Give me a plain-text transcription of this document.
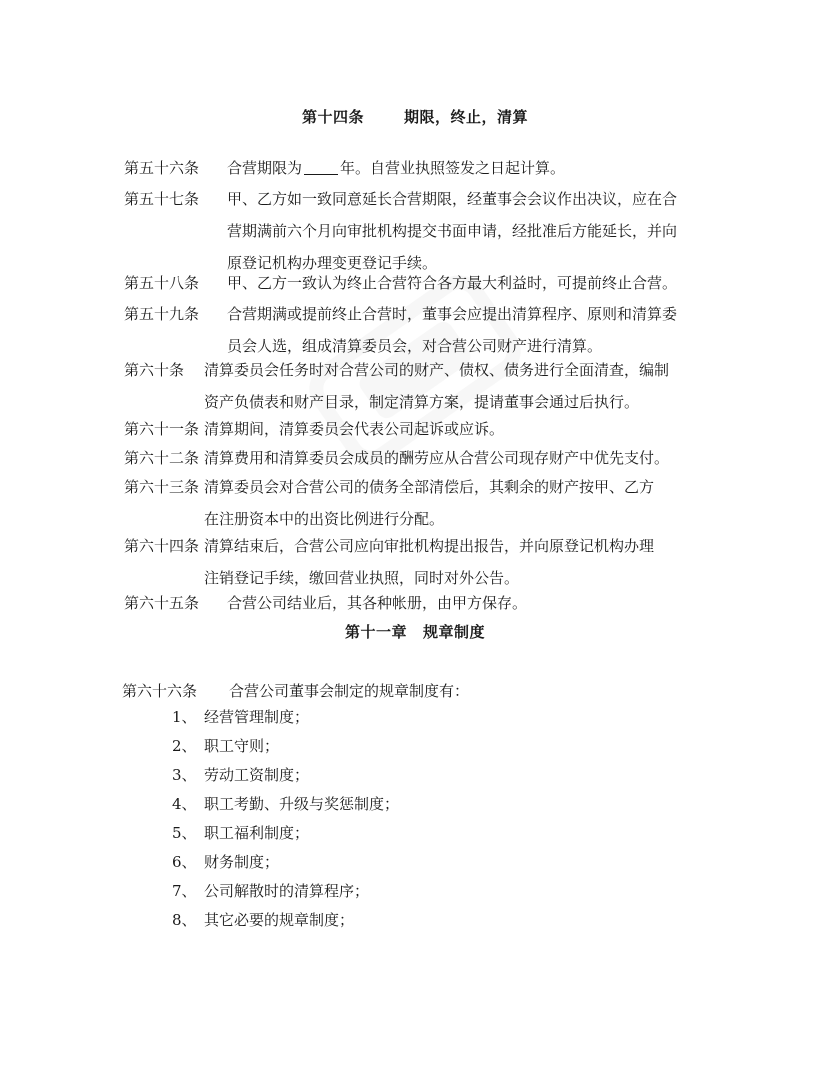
第十四条	期限，终止，清算
第五十六条 合营期限为	年。自营业执照签发之日起计算。
第五十七条 甲、乙方如一致同意延长合营期限，经董事会会议作出决议，应在合
营期满前六个月向审批机构提交书面申请，经批准后方能延长，并向
原登记机构办理变更登记手续。
第五十八条 甲、乙方一致认为终止合营符合各方最大利益时，可提前终止合营。
第五十九条 合营期满或提前终止合营时，董事会应提出清算程序、原则和清算委
员会人选，组成清算委员会，对合营公司财产进行清算。
第六十条 清算委员会任务时对合营公司的财产、债权、债务进行全面清查，编制
资产负债表和财产目录，制定清算方案，提请董事会通过后执行。
第六十一条 清算期间，清算委员会代表公司起诉或应诉。
第六十二条 清算费用和清算委员会成员的酬劳应从合营公司现存财产中优先支付。
第六十三条 清算委员会对合营公司的债务全部清偿后，其剩余的财产按甲、乙方
在注册资本中的出资比例进行分配。
第六十四条 清算结束后，合营公司应向审批机构提出报告，并向原登记机构办理
注销登记手续，缴回营业执照，同时对外公告。
第六十五条 合营公司结业后，其各种帐册，由甲方保存。
第十一章 规章制度
第六十六条 合营公司董事会制定的规章制度有：
1、 经营管理制度；
2、 职工守则；
3、 劳动工资制度；
4、 职工考勤、升级与奖惩制度；
5、 职工福利制度；
6、 财务制度；
7、 公司解散时的清算程序；
8、 其它必要的规章制度；
